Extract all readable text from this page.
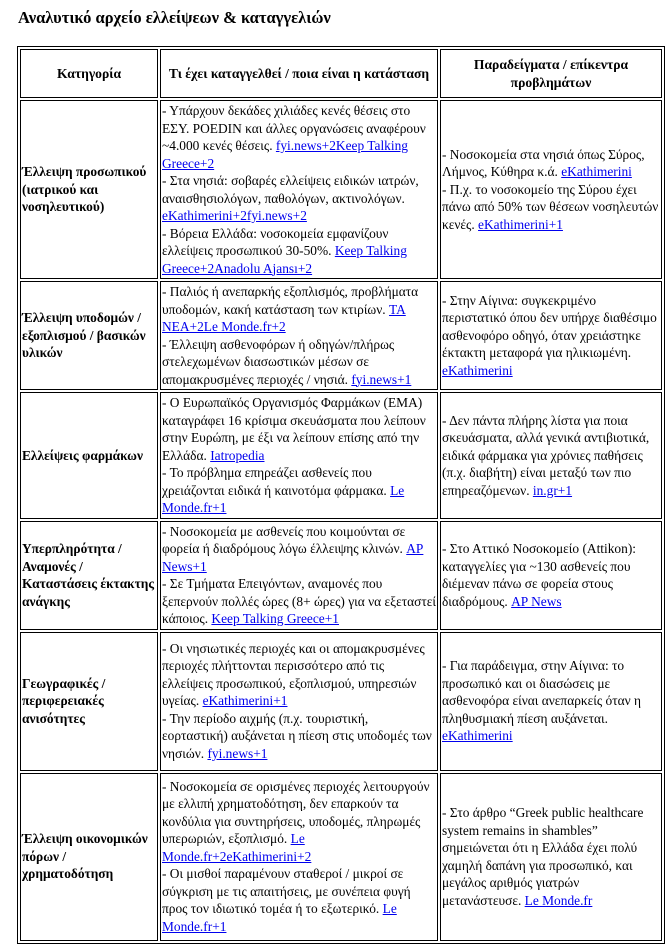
Αναλυτικό αρχείο ελλείψεων & καταγγελιών
Κατηγορία	Τι έχει καταγγελθεί / ποια είναι η κατάσταση	Παραδείγματα / επίκεντρα προβλημάτων
Έλλειψη προσωπικού (ιατρικού και νοσηλευτικού)	- Υπάρχουν δεκάδες χιλιάδες κενές θέσεις στο ΕΣΥ. POEDIN και άλλες οργανώσεις αναφέρουν ~4.000 κενές θέσεις. fyi.news+2Keep Talking Greece+2
- Στα νησιά: σοβαρές ελλείψεις ειδικών ιατρών, αναισθησιολόγων, παθολόγων, ακτινολόγων. eKathimerini+2fyi.news+2
- Βόρεια Ελλάδα: νοσοκομεία εμφανίζουν ελλείψεις προσωπικού 30-50%. Keep Talking Greece+2Anadolu Ajansı+2	- Νοσοκομεία στα νησιά όπως Σύρος, Λήμνος, Κύθηρα κ.ά. eKathimerini
- Π.χ. το νοσοκομείο της Σύρου έχει πάνω από 50% των θέσεων νοσηλευτών κενές. eKathimerini+1

Έλλειψη υποδομών / εξοπλισμού / βασικών υλικών	- Παλιός ή ανεπαρκής εξοπλισμός, προβλήματα υποδομών, κακή κατάσταση των κτιρίων. TA NEA+2Le Monde.fr+2
- Έλλειψη ασθενοφόρων ή οδηγών/πλήρως στελεχωμένων διασωστικών μέσων σε απομακρυσμένες περιοχές / νησιά. fyi.news+1	- Στην Αίγινα: συγκεκριμένο περιστατικό όπου δεν υπήρχε διαθέσιμο ασθενοφόρο οδηγό, όταν χρειάστηκε έκτακτη μεταφορά για ηλικιωμένη. eKathimerini

Ελλείψεις φαρμάκων	- Ο Ευρωπαϊκός Οργανισμός Φαρμάκων (EMA) καταγράφει 16 κρίσιμα σκευάσματα που λείπουν στην Ευρώπη, με έξι να λείπουν επίσης από την Ελλάδα. Iatropedia
- Το πρόβλημα επηρεάζει ασθενείς που χρειάζονται ειδικά ή καινοτόμα φάρμακα. Le Monde.fr+1	- Δεν πάντα πλήρης λίστα για ποια σκευάσματα, αλλά γενικά αντιβιοτικά, ειδικά φάρμακα για χρόνιες παθήσεις (π.χ. διαβήτη) είναι μεταξύ των πιο επηρεαζόμενων. in.gr+1

Υπερπληρότητα / Αναμονές / Καταστάσεις έκτακτης ανάγκης	- Νοσοκομεία με ασθενείς που κοιμούνται σε φορεία ή διαδρόμους λόγω έλλειψης κλινών. AP News+1
- Σε Τμήματα Επειγόντων, αναμονές που ξεπερνούν πολλές ώρες (8+ ώρες) για να εξεταστεί κάποιος. Keep Talking Greece+1	- Στο Αττικό Νοσοκομείο (Attikon): καταγγελίες για ~130 ασθενείς που διέμεναν πάνω σε φορεία στους διαδρόμους. AP News

Γεωγραφικές / περιφερειακές ανισότητες	- Οι νησιωτικές περιοχές και οι απομακρυσμένες περιοχές πλήττονται περισσότερο από τις ελλείψεις προσωπικού, εξοπλισμού, υπηρεσιών υγείας. eKathimerini+1
- Την περίοδο αιχμής (π.χ. τουριστική, εορταστική) αυξάνεται η πίεση στις υποδομές των νησιών. fyi.news+1	- Για παράδειγμα, στην Αίγινα: το προσωπικό και οι διασώσεις με ασθενοφόρα είναι ανεπαρκείς όταν η πληθυσμιακή πίεση αυξάνεται. eKathimerini

Έλλειψη οικονομικών πόρων / χρηματοδότηση	- Νοσοκομεία σε ορισμένες περιοχές λειτουργούν με ελλιπή χρηματοδότηση, δεν επαρκούν τα κονδύλια για συντηρήσεις, υποδομές, πληρωμές υπερωριών, εξοπλισμό. Le Monde.fr+2eKathimerini+2
- Οι μισθοί παραμένουν σταθεροί / μικροί σε σύγκριση με τις απαιτήσεις, με συνέπεια φυγή προς τον ιδιωτικό τομέα ή το εξωτερικό. Le Monde.fr+1	- Στο άρθρο “Greek public healthcare system remains in shambles” σημειώνεται ότι η Ελλάδα έχει πολύ χαμηλή δαπάνη για προσωπικό, και μεγάλος αριθμός γιατρών μετανάστευσε. Le Monde.fr
